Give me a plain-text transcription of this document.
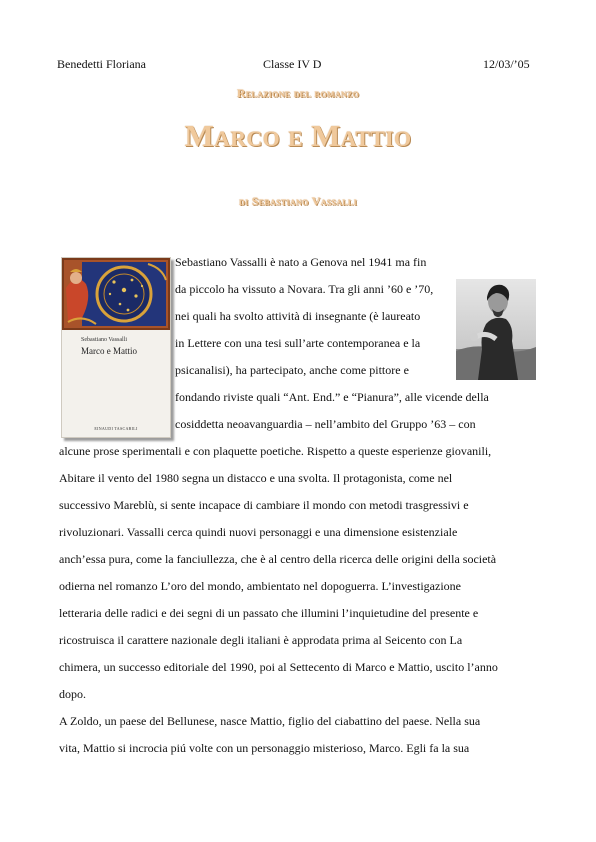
Benedetti Floriana	Classe IV D	12/03/’05
Relazione del romanzo
Marco e Mattio
di Sebastiano Vassalli
Sebastiano Vassalli
Marco e Mattio
EINAUDI TASCABILI
Sebastiano Vassalli è nato a Genova nel 1941 ma fin
da piccolo ha vissuto a Novara. Tra gli anni ’60 e ’70,
nei quali ha svolto attività di insegnante (è laureato
in Lettere con una tesi sull’arte contemporanea e la
psicanalisi), ha partecipato, anche come pittore e
fondando riviste quali “Ant. End.” e “Pianura”, alle vicende della
cosiddetta neoavanguardia – nell’ambito del Gruppo ’63 – con
alcune prose sperimentali e con plaquette poetiche. Rispetto a queste esperienze giovanili,
Abitare il vento del 1980 segna un distacco e una svolta. Il protagonista, come nel
successivo Mareblù, si sente incapace di cambiare il mondo con metodi trasgressivi e
rivoluzionari. Vassalli cerca quindi nuovi personaggi e una dimensione esistenziale
anch’essa pura, come la fanciullezza, che è al centro della ricerca delle origini della società
odierna nel romanzo L’oro del mondo, ambientato nel dopoguerra. L’investigazione
letteraria delle radici e dei segni di un passato che illumini l’inquietudine del presente e
ricostruisca il carattere nazionale degli italiani è approdata prima al Seicento con La
chimera, un successo editoriale del 1990, poi al Settecento di Marco e Mattio, uscito l’anno
dopo.
A Zoldo, un paese del Bellunese, nasce Mattio, figlio del ciabattino del paese. Nella sua
vita, Mattio si incrocia piú volte con un personaggio misterioso, Marco. Egli fa la sua
